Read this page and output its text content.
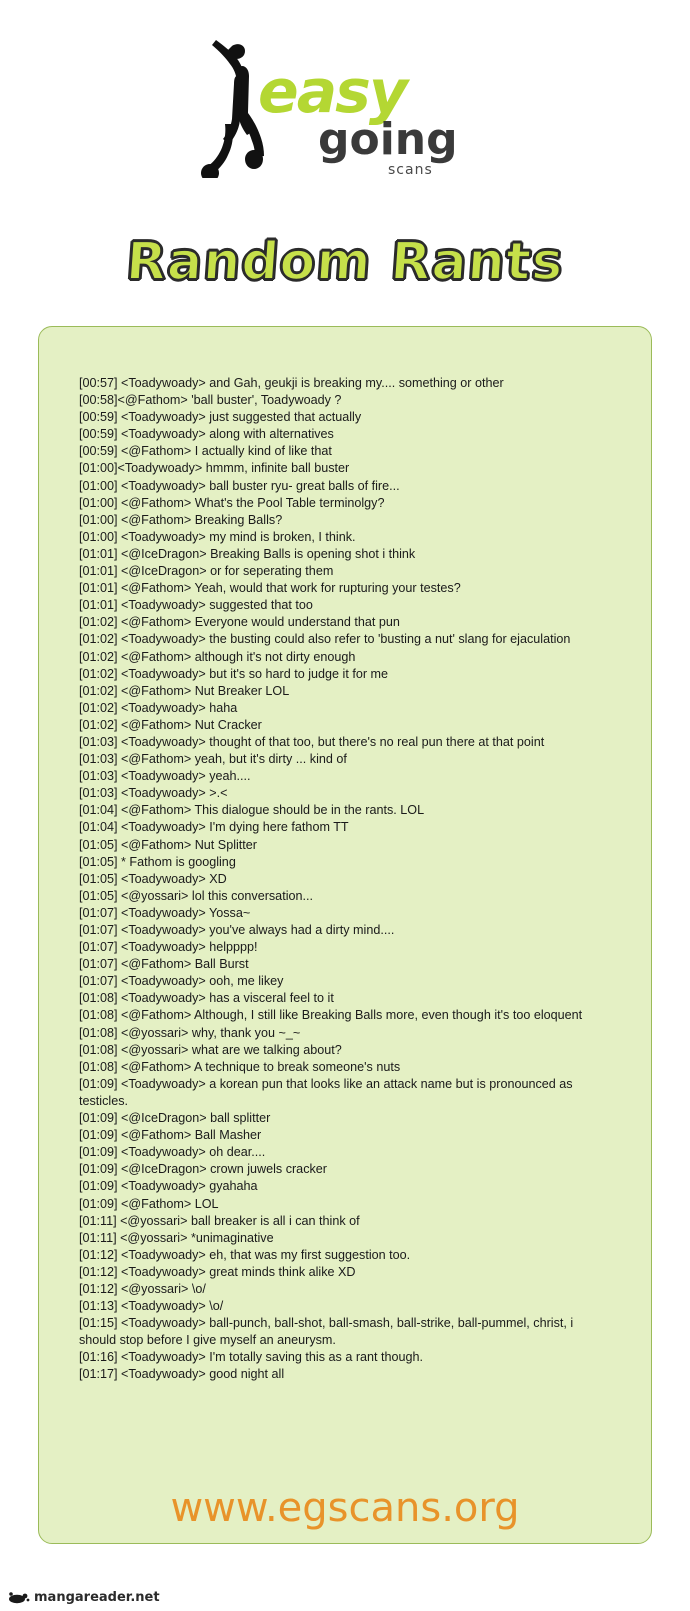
easy
going
scans
Random Rants
[00:57] <Toadywoady> and Gah, geukji is breaking my.... something or other
[00:58]<@Fathom> 'ball buster', Toadywoady ?
[00:59] <Toadywoady> just suggested that actually
[00:59] <Toadywoady> along with alternatives
[00:59] <@Fathom> I actually kind of like that
[01:00]<Toadywoady> hmmm, infinite ball buster
[01:00] <Toadywoady> ball buster ryu- great balls of fire...
[01:00] <@Fathom> What's the Pool Table terminolgy?
[01:00] <@Fathom> Breaking Balls?
[01:00] <Toadywoady> my mind is broken, I think.
[01:01] <@IceDragon> Breaking Balls is opening shot i think
[01:01] <@IceDragon> or for seperating them
[01:01] <@Fathom> Yeah, would that work for rupturing your testes?
[01:01] <Toadywoady> suggested that too
[01:02] <@Fathom> Everyone would understand that pun
[01:02] <Toadywoady> the busting could also refer to 'busting a nut' slang for ejaculation
[01:02] <@Fathom> although it's not dirty enough
[01:02] <Toadywoady> but it's so hard to judge it for me
[01:02] <@Fathom> Nut Breaker LOL
[01:02] <Toadywoady> haha
[01:02] <@Fathom> Nut Cracker
[01:03] <Toadywoady> thought of that too, but there's no real pun there at that point
[01:03] <@Fathom> yeah, but it's dirty ... kind of
[01:03] <Toadywoady> yeah....
[01:03] <Toadywoady> >.<
[01:04] <@Fathom> This dialogue should be in the rants. LOL
[01:04] <Toadywoady> I'm dying here fathom TT
[01:05] <@Fathom> Nut Splitter
[01:05] * Fathom is googling
[01:05] <Toadywoady> XD
[01:05] <@yossari> lol this conversation...
[01:07] <Toadywoady> Yossa~
[01:07] <Toadywoady> you've always had a dirty mind....
[01:07] <Toadywoady> helpppp!
[01:07] <@Fathom> Ball Burst
[01:07] <Toadywoady> ooh, me likey
[01:08] <Toadywoady> has a visceral feel to it
[01:08] <@Fathom> Although, I still like Breaking Balls more, even though it's too eloquent
[01:08] <@yossari> why, thank you ~_~
[01:08] <@yossari> what are we talking about?
[01:08] <@Fathom> A technique to break someone's nuts
[01:09] <Toadywoady> a korean pun that looks like an attack name but is pronounced as testicles.
[01:09] <@IceDragon> ball splitter
[01:09] <@Fathom> Ball Masher
[01:09] <Toadywoady> oh dear....
[01:09] <@IceDragon> crown juwels cracker
[01:09] <Toadywoady> gyahaha
[01:09] <@Fathom> LOL
[01:11] <@yossari> ball breaker is all i can think of
[01:11] <@yossari> *unimaginative
[01:12] <Toadywoady> eh, that was my first suggestion too.
[01:12] <Toadywoady> great minds think alike XD
[01:12] <@yossari> \o/
[01:13] <Toadywoady> \o/
[01:15] <Toadywoady> ball-punch, ball-shot, ball-smash, ball-strike, ball-pummel, christ, i should stop before I give myself an aneurysm.
[01:16] <Toadywoady> I'm totally saving this as a rant though.
[01:17] <Toadywoady> good night all
www.egscans.org
mangareader.net
